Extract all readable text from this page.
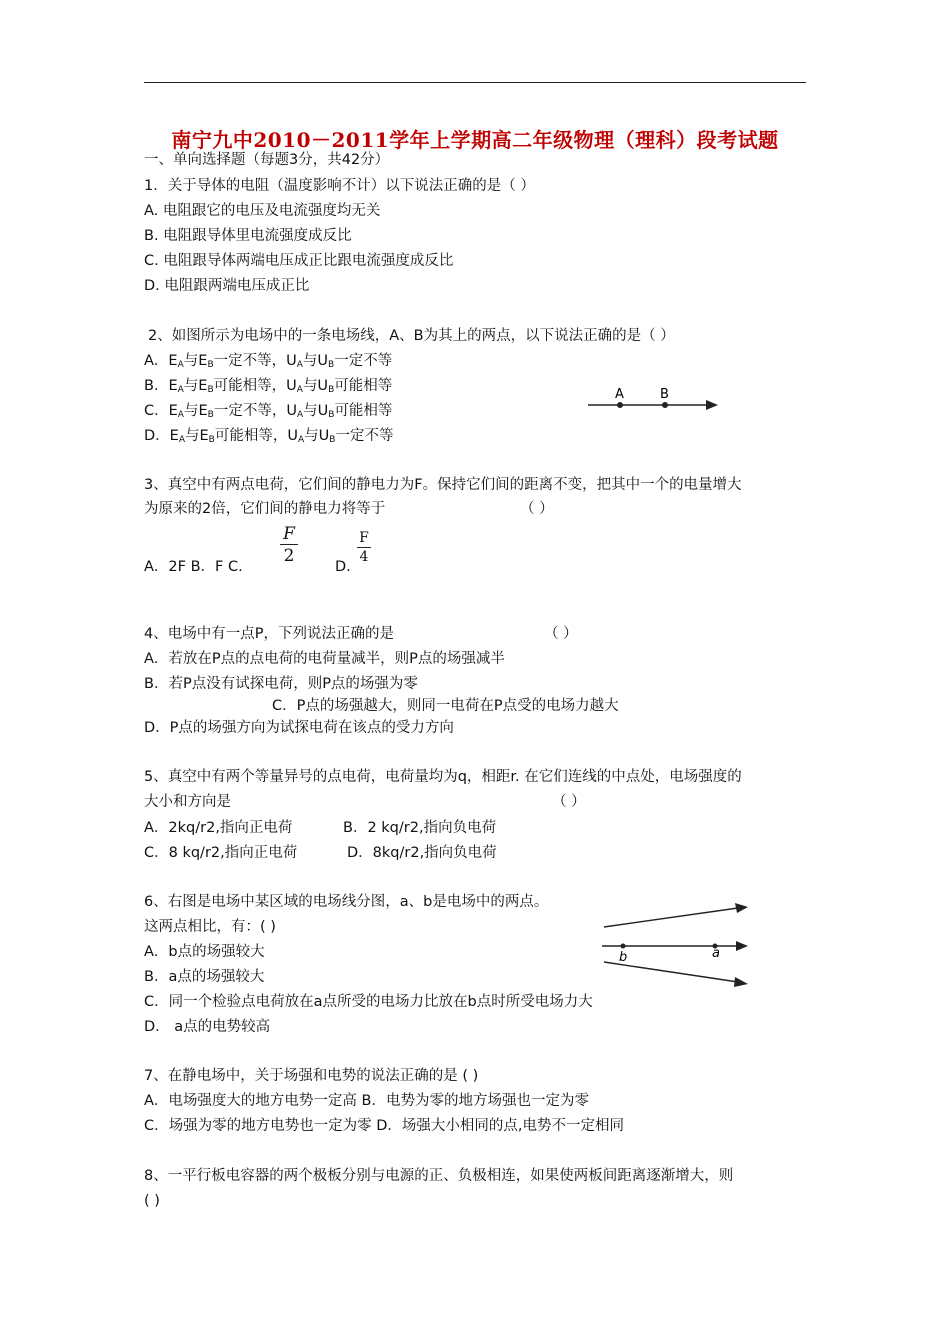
南宁九中2010－2011学年上学期高二年级物理（理科）段考试题
一、单向选择题（每题3分，共42分）
1．关于导体的电阻（温度影响不计）以下说法正确的是（ ）
A. 电阻跟它的电压及电流强度均无关
B. 电阻跟导体里电流强度成反比
C. 电阻跟导体两端电压成正比跟电流强度成反比
D. 电阻跟两端电压成正比
2、如图所示为电场中的一条电场线，A、B为其上的两点，以下说法正确的是（ ）
A．$E_A$与$E_B$一定不等，$U_A$与$U_B$一定不等
B．$E_A$与$E_B$可能相等，$U_A$与$U_B$可能相等
C．$E_A$与$E_B$一定不等，$U_A$与$U_B$可能相等
D．$E_A$与$E_B$可能相等，$U_A$与$U_B$一定不等
A	B
3、真空中有两点电荷，它们间的静电力为F。保持它们间的距离不变，把其中一个的电量增大
为原来的2倍，它们间的静电力将等于	（ ）
A．2F B．F C. $\frac{F}{2}$	D.
$\frac{F}{4}$
4、电场中有一点P，下列说法正确的是	（ ）
A．若放在P点的点电荷的电荷量减半，则P点的场强减半
B．若P点没有试探电荷，则P点的场强为零
C．P点的场强越大，则同一电荷在P点受的电场力越大
D．P点的场强方向为试探电荷在该点的受力方向
5、真空中有两个等量异号的点电荷，电荷量均为q，相距r. 在它们连线的中点处，电场强度的
大小和方向是	（ ）
A．2kq/r2,指向正电荷	B．2 kq/r2,指向负电荷
C．8 kq/r2,指向正电荷	D．8kq/r2,指向负电荷
6、右图是电场中某区域的电场线分图，a、b是电场中的两点。
这两点相比，有：( )
A．b点的场强较大
B．a点的场强较大
C．同一个检验点电荷放在a点所受的电场力比放在b点时所受电场力大
D． a点的电势较高
b	a
7、在静电场中，关于场强和电势的说法正确的是 ( )
A．电场强度大的地方电势一定高 B．电势为零的地方场强也一定为零
C．场强为零的地方电势也一定为零 D．场强大小相同的点,电势不一定相同
8、一平行板电容器的两个极板分别与电源的正、负极相连，如果使两板间距离逐渐增大，则
( )
